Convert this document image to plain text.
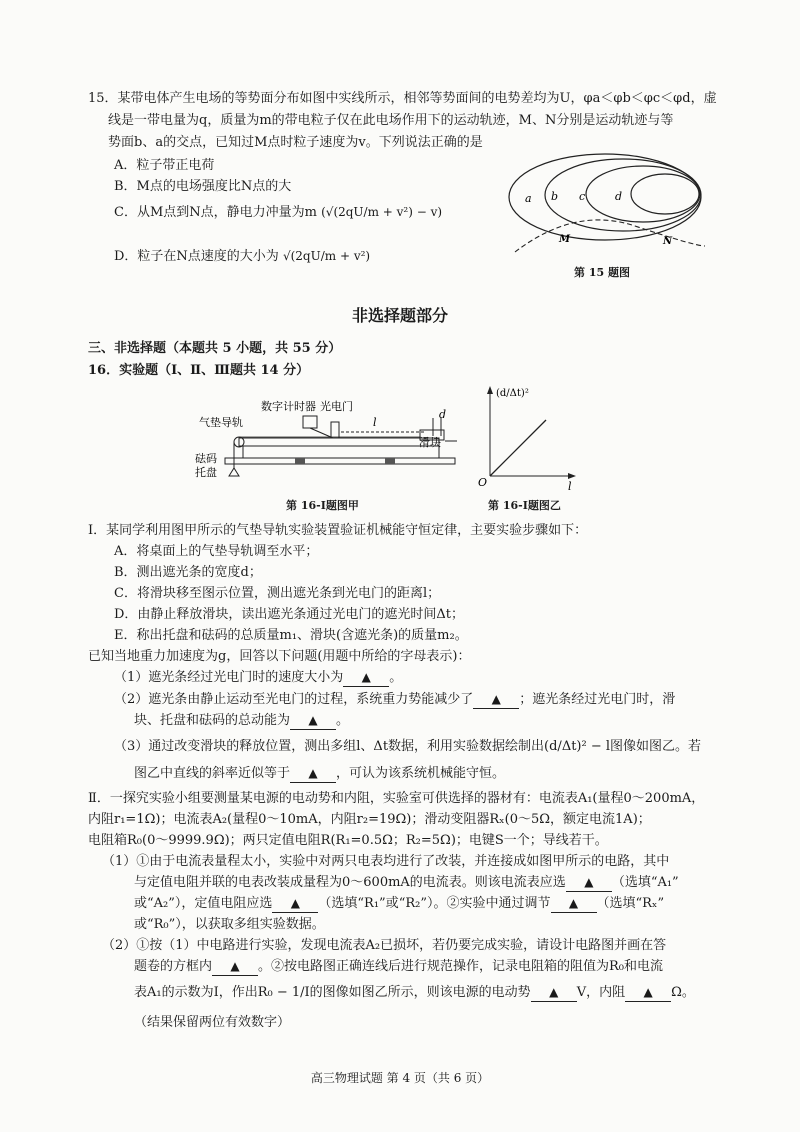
15．某带电体产生电场的等势面分布如图中实线所示，相邻等势面间的电势差均为U，φa＜φb＜φc＜φd，虚
线是一带电量为q，质量为m的带电粒子仅在此电场作用下的运动轨迹，M、N分别是运动轨迹与等
势面b、a的交点，已知过M点时粒子速度为v。下列说法正确的是
A．粒子带正电荷
B．M点的电场强度比N点的大
C．从M点到N点，静电力冲量为m (√(2qU/m + v²) − v)
D．粒子在N点速度的大小为 √(2qU/m + v²)
a b c	d
M	N
第 15 题图
非选择题部分
三、非选择题（本题共 5 小题，共 55 分）
16．实验题（Ⅰ、Ⅱ、Ⅲ题共 14 分）
数字计时器 光电门
气垫导轨
滑块
砝码
托盘
l
d
第 16-Ⅰ题图甲
(d/Δt)²
l
O
第 16-Ⅰ题图乙
Ⅰ．某同学利用图甲所示的气垫导轨实验装置验证机械能守恒定律，主要实验步骤如下：
A．将桌面上的气垫导轨调至水平；
B．测出遮光条的宽度d；
C．将滑块移至图示位置，测出遮光条到光电门的距离l；
D．由静止释放滑块，读出遮光条通过光电门的遮光时间Δt；
E．称出托盘和砝码的总质量m₁、滑块(含遮光条)的质量m₂。
已知当地重力加速度为g，回答以下问题(用题中所给的字母表示)：
（1）遮光条经过光电门时的速度大小为 ▲ 。
（2）遮光条由静止运动至光电门的过程，系统重力势能减少了 ▲ ；遮光条经过光电门时，滑
块、托盘和砝码的总动能为 ▲ 。
（3）通过改变滑块的释放位置，测出多组l、Δt数据，利用实验数据绘制出(d/Δt)² − l图像如图乙。若
图乙中直线的斜率近似等于 ▲ ，可认为该系统机械能守恒。
Ⅱ．一探究实验小组要测量某电源的电动势和内阻，实验室可供选择的器材有：电流表A₁(量程0～200mA，
内阻r₁=1Ω)；电流表A₂(量程0～10mA，内阻r₂=19Ω)；滑动变阻器Rₓ(0～5Ω，额定电流1A)；
电阻箱R₀(0～9999.9Ω)；两只定值电阻R(R₁=0.5Ω；R₂=5Ω)；电键S一个；导线若干。
（1）①由于电流表量程太小，实验中对两只电表均进行了改装，并连接成如图甲所示的电路，其中
与定值电阻并联的电表改装成量程为0～600mA的电流表。则该电流表应选 ▲ （选填“A₁”
或“A₂”），定值电阻应选 ▲ （选填“R₁”或“R₂”）。②实验中通过调节 ▲ （选填“Rₓ”
或“R₀”），以获取多组实验数据。
（2）①按（1）中电路进行实验，发现电流表A₂已损坏，若仍要完成实验，请设计电路图并画在答
题卷的方框内 ▲ 。②按电路图正确连线后进行规范操作，记录电阻箱的阻值为R₀和电流
表A₁的示数为I，作出R₀ − 1/I的图像如图乙所示，则该电源的电动势 ▲ V，内阻 ▲ Ω。
（结果保留两位有效数字）
高三物理试题 第 4 页（共 6 页）
